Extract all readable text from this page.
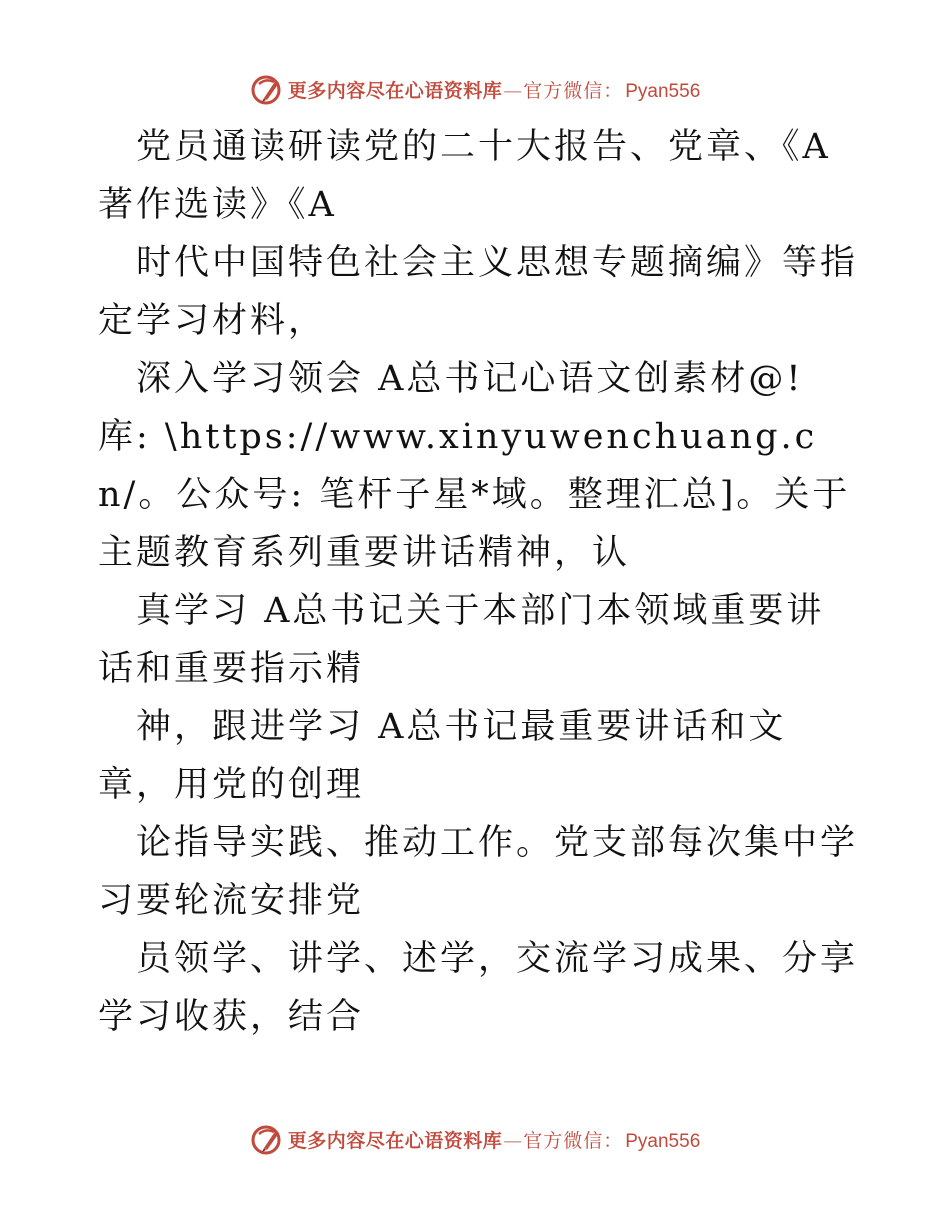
更多内容尽在心语资料库 — 官方微信： Pyan556

党员通读研读党的二十大报告、党章、《A著作选读》《A

时代中国特色社会主义思想专题摘编》等指定学习材料，

深入学习领会 A总书记心语文创素材@! 库: \https://www.xinyuwenchuang.cn/。公众号: 笔杆子星*域。整理汇总]。关于主题教育系列重要讲话精神，认

真学习 A总书记关于本部门本领域重要讲话和重要指示精

神，跟进学习 A总书记最重要讲话和文章，用党的创理

论指导实践、推动工作。党支部每次集中学习要轮流安排党

员领学、讲学、述学，交流学习成果、分享学习收获，结合

更多内容尽在心语资料库 — 官方微信： Pyan556
